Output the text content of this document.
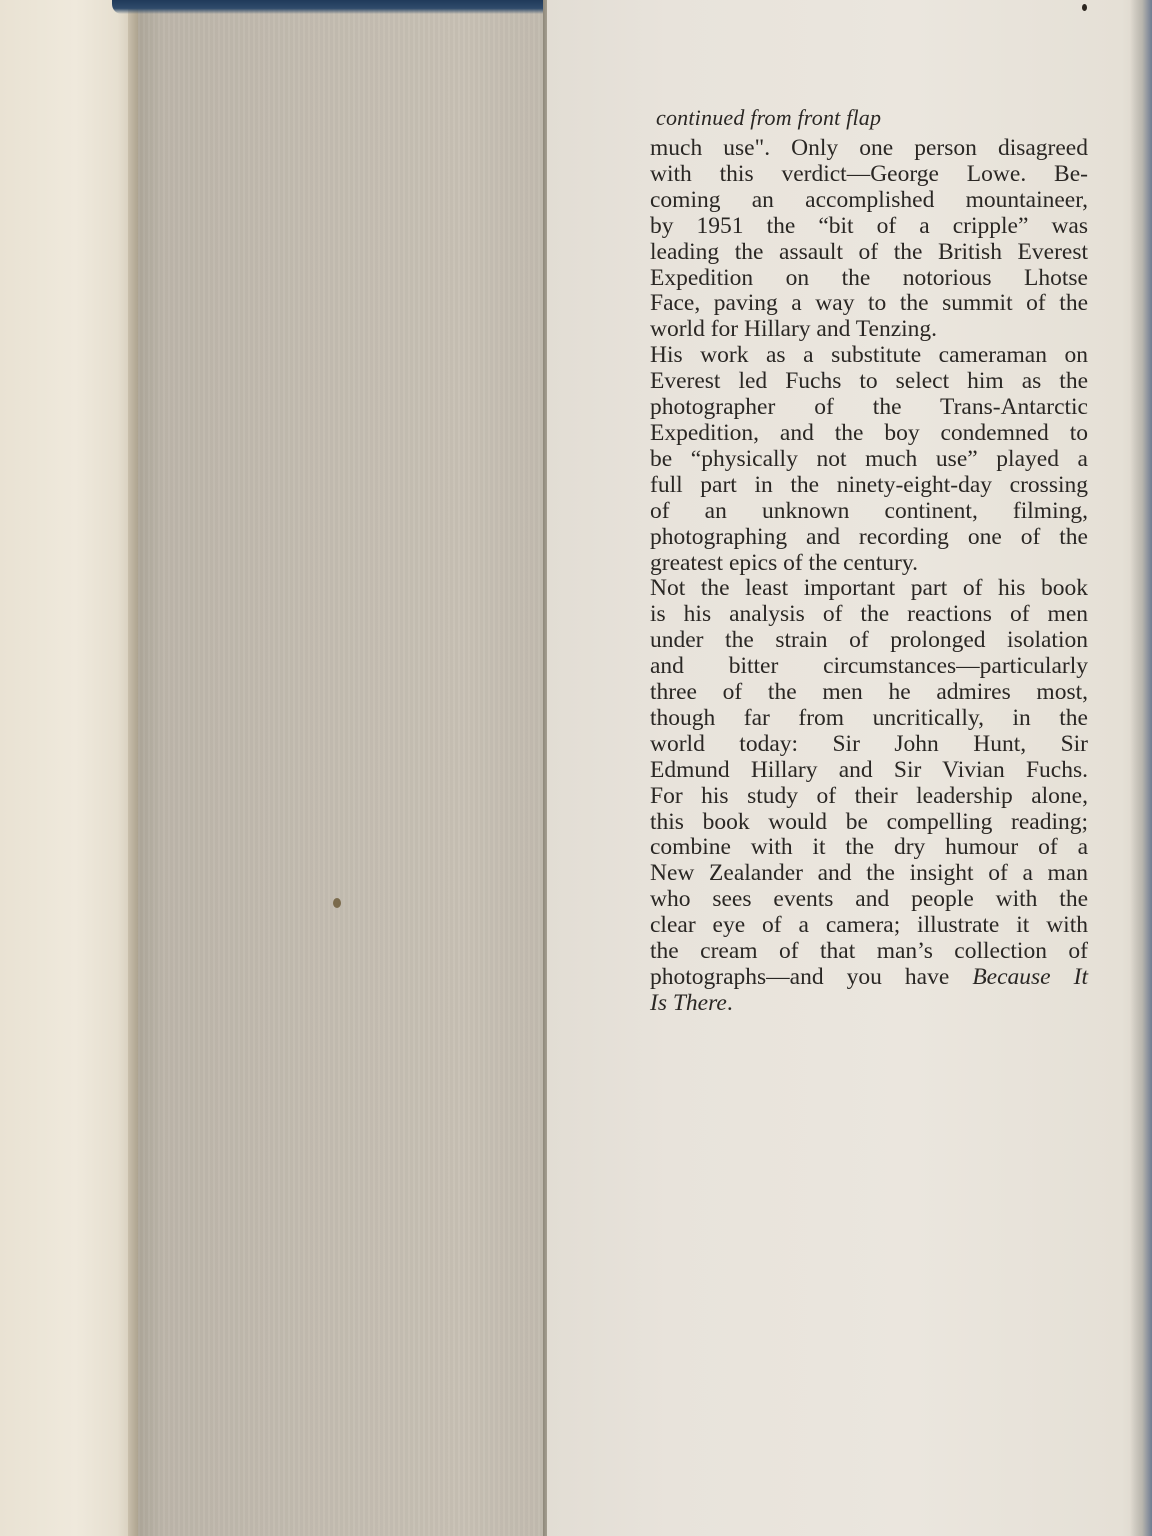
continued from front flap
much use". Only one person disagreed
with this verdict—George Lowe. Be-
coming an accomplished mountaineer,
by 1951 the “bit of a cripple” was
leading the assault of the British Everest
Expedition on the notorious Lhotse
Face, paving a way to the summit of the
world for Hillary and Tenzing.
His work as a substitute cameraman on
Everest led Fuchs to select him as the
photographer of the Trans-Antarctic
Expedition, and the boy condemned to
be “physically not much use” played a
full part in the ninety-eight-day crossing
of an unknown continent, filming,
photographing and recording one of the
greatest epics of the century.
Not the least important part of his book
is his analysis of the reactions of men
under the strain of prolonged isolation
and bitter circumstances—particularly
three of the men he admires most,
though far from uncritically, in the
world today: Sir John Hunt, Sir
Edmund Hillary and Sir Vivian Fuchs.
For his study of their leadership alone,
this book would be compelling reading;
combine with it the dry humour of a
New Zealander and the insight of a man
who sees events and people with the
clear eye of a camera; illustrate it with
the cream of that man’s collection of
photographs—and you have Because It
Is There.
